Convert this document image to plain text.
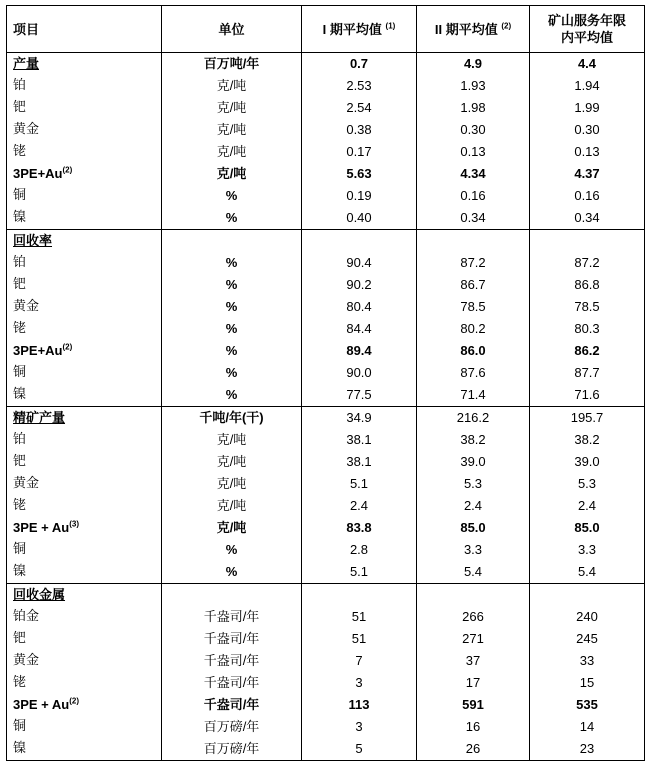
项目	单位	I 期平均值 $^{(1)}$	II 期平均值 $^{(2)}$	矿山服务年限
内平均值
产量	百万吨/年	0.7	4.9	4.4
铂	克/吨	2.53	1.93	1.94
钯	克/吨	2.54	1.98	1.99
黄金	克/吨	0.38	0.30	0.30
铑	克/吨	0.17	0.13	0.13
$3PE+Au^{(2)}$	克/吨	5.63	4.34	4.37
铜	%	0.19	0.16	0.16
镍	%	0.40	0.34	0.34
回收率				
铂	%	90.4	87.2	87.2
钯	%	90.2	86.7	86.8
黄金	%	80.4	78.5	78.5
铑	%	84.4	80.2	80.3
$3PE+Au^{(2)}$	%	89.4	86.0	86.2
铜	%	90.0	87.6	87.7
镍	%	77.5	71.4	71.6
精矿产量	千吨/年(干)	34.9	216.2	195.7
铂	克/吨	38.1	38.2	38.2
钯	克/吨	38.1	39.0	39.0
黄金	克/吨	5.1	5.3	5.3
铑	克/吨	2.4	2.4	2.4
$3PE + Au^{(3)}$	克/吨	83.8	85.0	85.0
铜	%	2.8	3.3	3.3
镍	%	5.1	5.4	5.4
回收金属				
铂金	千盎司/年	51	266	240
钯	千盎司/年	51	271	245
黄金	千盎司/年	7	37	33
铑	千盎司/年	3	17	15
$3PE + Au^{(2)}$	千盎司/年	113	591	535
铜	百万磅/年	3	16	14
镍	百万磅/年	5	26	23
